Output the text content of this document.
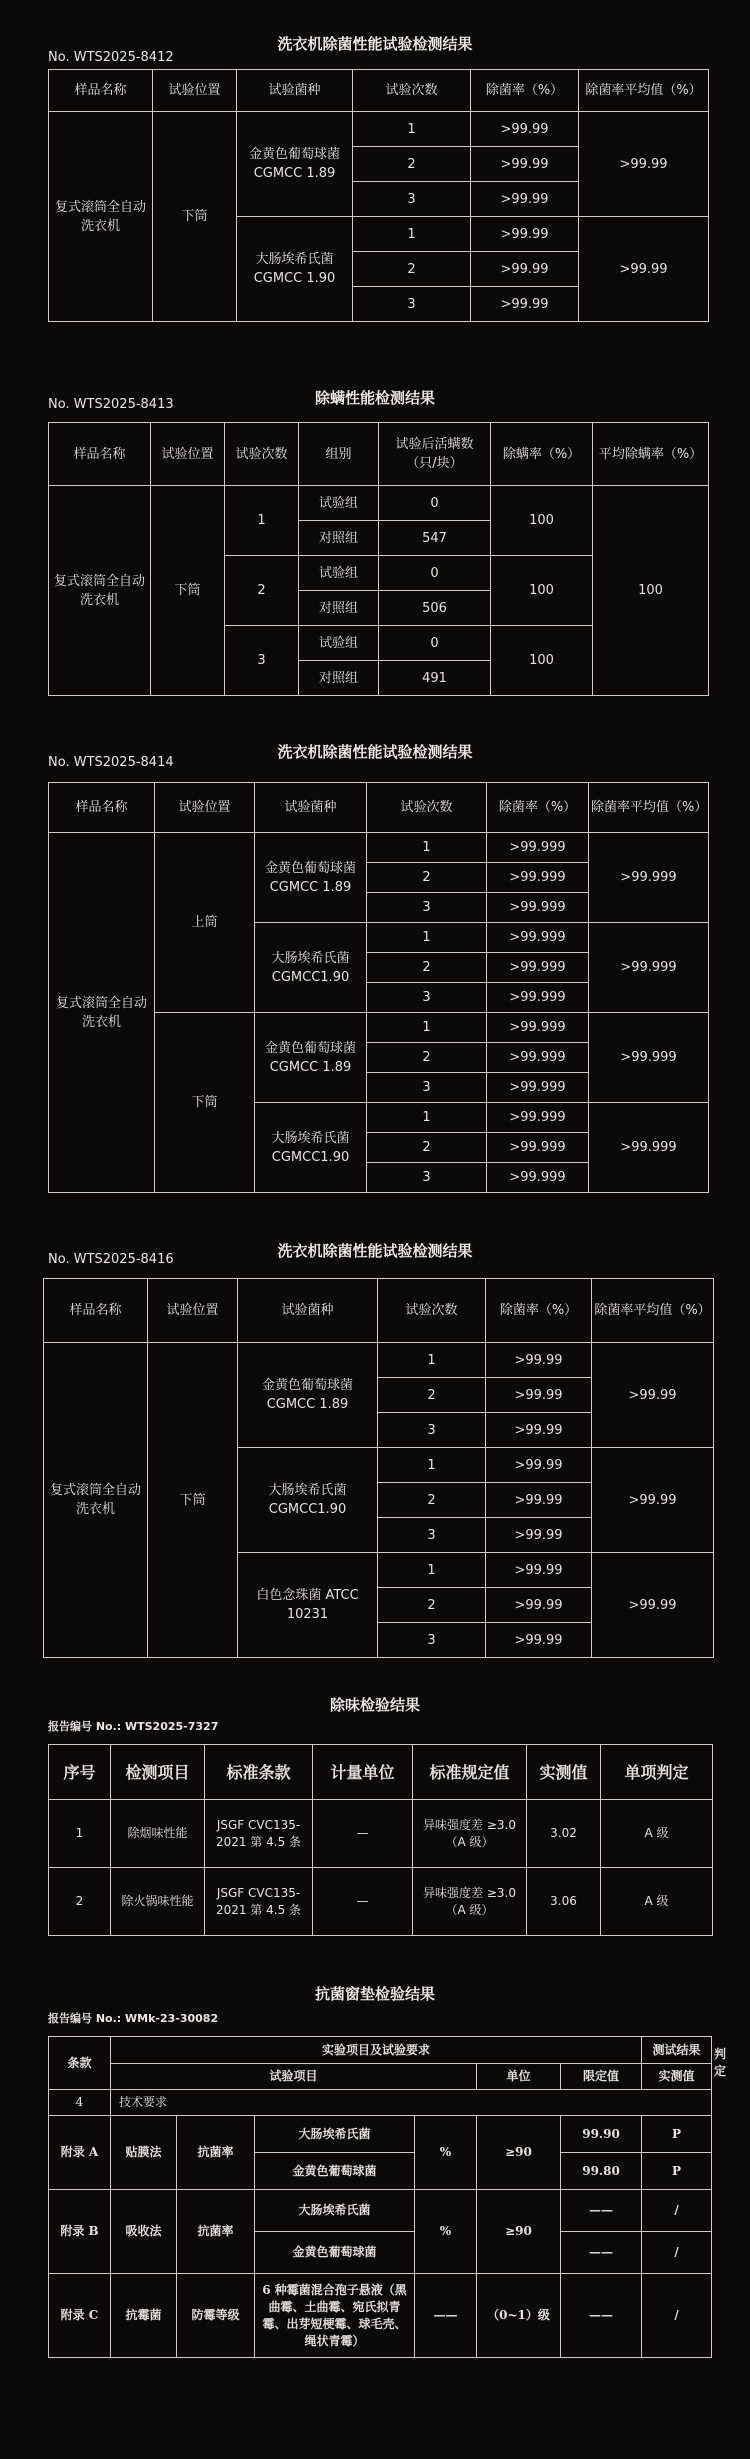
洗衣机除菌性能试验检测结果
No. WTS2025-8412
样品名称	试验位置	试验菌种	试验次数	除菌率（%）	除菌率平均值（%）
复式滚筒全自动洗衣机	下筒	金黄色葡萄球菌 CGMCC 1.89	1	>99.99	>99.99
			2	>99.99	
			3	>99.99	
		大肠埃希氏菌 CGMCC 1.90	1	>99.99	>99.99
			2	>99.99	
			3	>99.99	
除螨性能检测结果
No. WTS2025-8413
样品名称	试验位置	试验次数	组别	试验后活螨数（只/块）	除螨率（%）	平均除螨率（%）
复式滚筒全自动洗衣机	下筒	1	试验组	0	100	100
			对照组	547		
		2	试验组	0	100	
			对照组	506		
		3	试验组	0	100	
			对照组	491		
洗衣机除菌性能试验检测结果
No. WTS2025-8414
样品名称	试验位置	试验菌种	试验次数	除菌率（%）	除菌率平均值（%）
复式滚筒全自动洗衣机	上筒	金黄色葡萄球菌 CGMCC 1.89	1	>99.999	>99.999
			2	>99.999	
			3	>99.999	
		大肠埃希氏菌 CGMCC1.90	1	>99.999	>99.999
			2	>99.999	
			3	>99.999	
	下筒	金黄色葡萄球菌 CGMCC 1.89	1	>99.999	>99.999
			2	>99.999	
			3	>99.999	
		大肠埃希氏菌 CGMCC1.90	1	>99.999	>99.999
			2	>99.999	
			3	>99.999	
洗衣机除菌性能试验检测结果
No. WTS2025-8416
样品名称	试验位置	试验菌种	试验次数	除菌率（%）	除菌率平均值（%）
复式滚筒全自动洗衣机	下筒	金黄色葡萄球菌 CGMCC 1.89	1	>99.99	>99.99
			2	>99.99	
			3	>99.99	
		大肠埃希氏菌 CGMCC1.90	1	>99.99	>99.99
			2	>99.99	
			3	>99.99	
		白色念珠菌 ATCC 10231	1	>99.99	>99.99
			2	>99.99	
			3	>99.99	
除味检验结果
报告编号 No.: WTS2025-7327
序号	检测项目	标准条款	计量单位	标准规定值	实测值	单项判定
1	除烟味性能	JSGF CVC135-2021 第 4.5 条	—	异味强度差 ≥3.0（A 级）	3.02	A 级
2	除火锅味性能	JSGF CVC135-2021 第 4.5 条	—	异味强度差 ≥3.0（A 级）	3.06	A 级
抗菌窗垫检验结果
报告编号 No.: WMk-23-30082
条款	实验项目及试验要求						测试结果	判定
	试验项目				单位	限定值	实测值	
4	技术要求							
附录 A	贴膜法	抗菌率	大肠埃希氏菌	%	≥90	99.90	P	
			金黄色葡萄球菌			99.80	P	
附录 B	吸收法	抗菌率	大肠埃希氏菌	%	≥90	——	/	
			金黄色葡萄球菌			——	/	
附录 C	抗霉菌	防霉等级	6 种霉菌混合孢子悬液（黑曲霉、土曲霉、宛氏拟青霉、出芽短梗霉、球毛壳、绳状青霉）	——	（0~1）级	——	/	
